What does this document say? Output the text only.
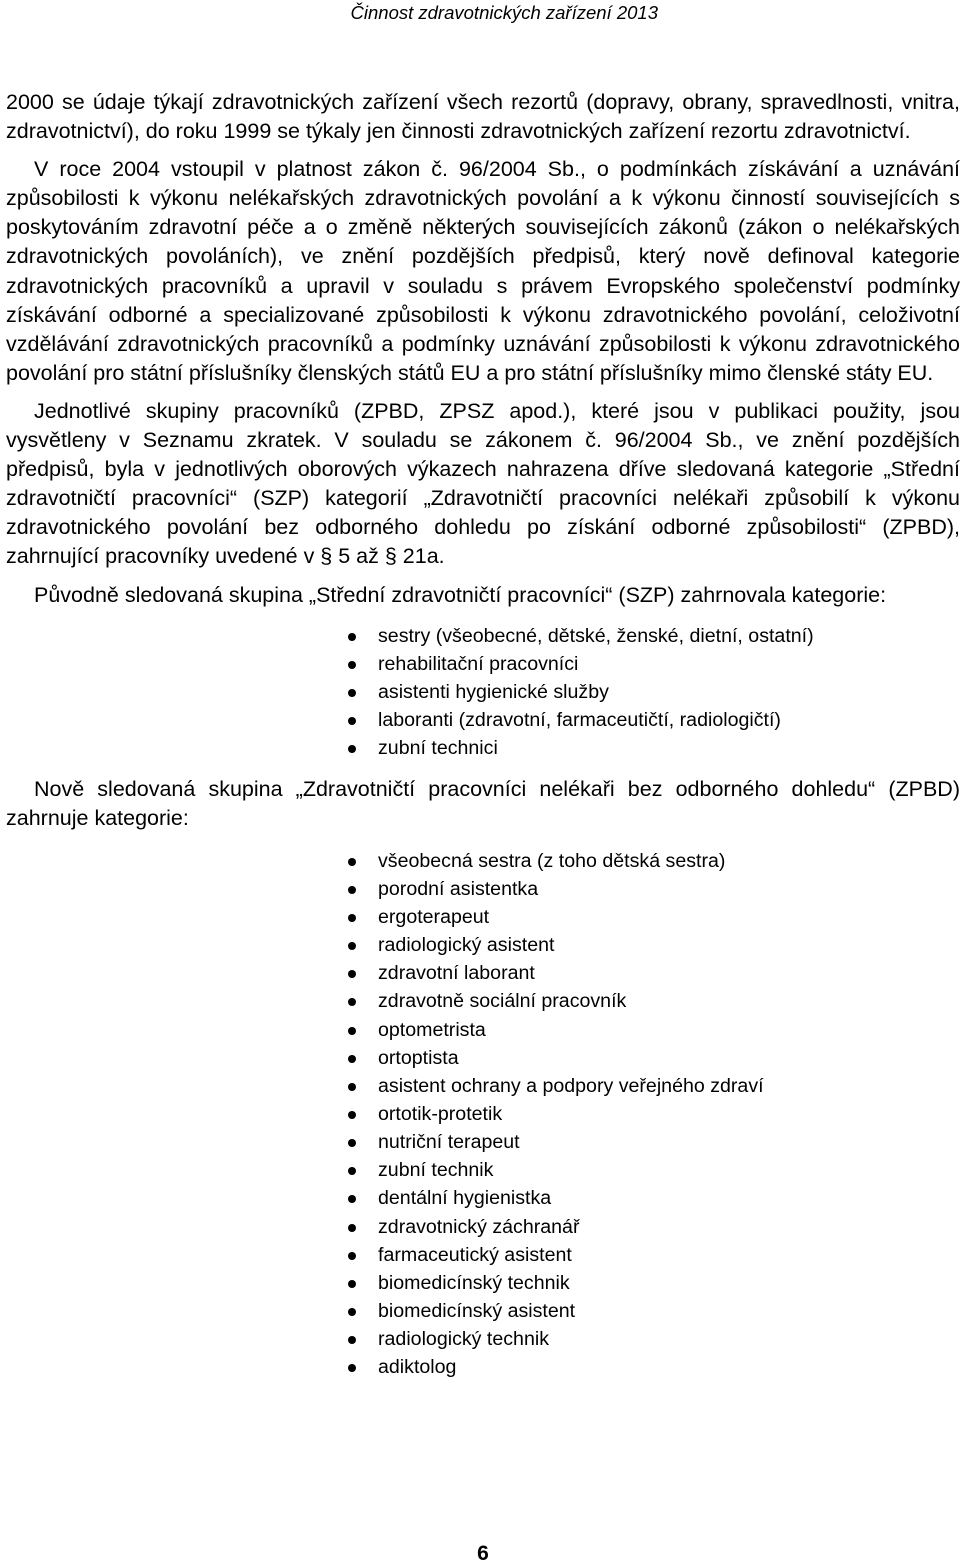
Činnost zdravotnických zařízení 2013

2000 se údaje týkají zdravotnických zařízení všech rezortů (dopravy, obrany, spravedlnosti, vnitra, zdravotnictví), do roku 1999 se týkaly jen činnosti zdravotnických zařízení rezortu zdravotnictví.

V roce 2004 vstoupil v platnost zákon č. 96/2004 Sb., o podmínkách získávání a uznávání způsobilosti k výkonu nelékařských zdravotnických povolání a k výkonu činností souvisejících s poskytováním zdravotní péče a o změně některých souvisejících zákonů (zákon o nelékařských zdravotnických povoláních), ve znění pozdějších předpisů, který nově definoval kategorie zdravotnických pracovníků a upravil v souladu s právem Evropského společenství podmínky získávání odborné a specializované způsobilosti k výkonu zdravotnického povolání, celoživotní vzdělávání zdravotnických pracovníků a podmínky uznávání způsobilosti k výkonu zdravotnického povolání pro státní příslušníky členských států EU a pro státní příslušníky mimo členské státy EU.

Jednotlivé skupiny pracovníků (ZPBD, ZPSZ apod.), které jsou v publikaci použity, jsou vysvětleny v Seznamu zkratek. V souladu se zákonem č. 96/2004 Sb., ve znění pozdějších předpisů, byla v jednotlivých oborových výkazech nahrazena dříve sledovaná kategorie „Střední zdravotničtí pracovníci“ (SZP) kategorií „Zdravotničtí pracovníci nelékaři způsobilí k výkonu zdravotnického povolání bez odborného dohledu po získání odborné způsobilosti“ (ZPBD), zahrnující pracovníky uvedené v § 5 až § 21a.

Původně sledovaná skupina „Střední zdravotničtí pracovníci“ (SZP) zahrnovala kategorie:

sestry (všeobecné, dětské, ženské, dietní, ostatní)
rehabilitační pracovníci
asistenti hygienické služby
laboranti (zdravotní, farmaceutičtí, radiologičtí)
zubní technici

Nově sledovaná skupina „Zdravotničtí pracovníci nelékaři bez odborného dohledu“ (ZPBD) zahrnuje kategorie:

všeobecná sestra (z toho dětská sestra)
porodní asistentka
ergoterapeut
radiologický asistent
zdravotní laborant
zdravotně sociální pracovník
optometrista
ortoptista
asistent ochrany a podpory veřejného zdraví
ortotik-protetik
nutriční terapeut
zubní technik
dentální hygienistka
zdravotnický záchranář
farmaceutický asistent
biomedicínský technik
biomedicínský asistent
radiologický technik
adiktolog
6
